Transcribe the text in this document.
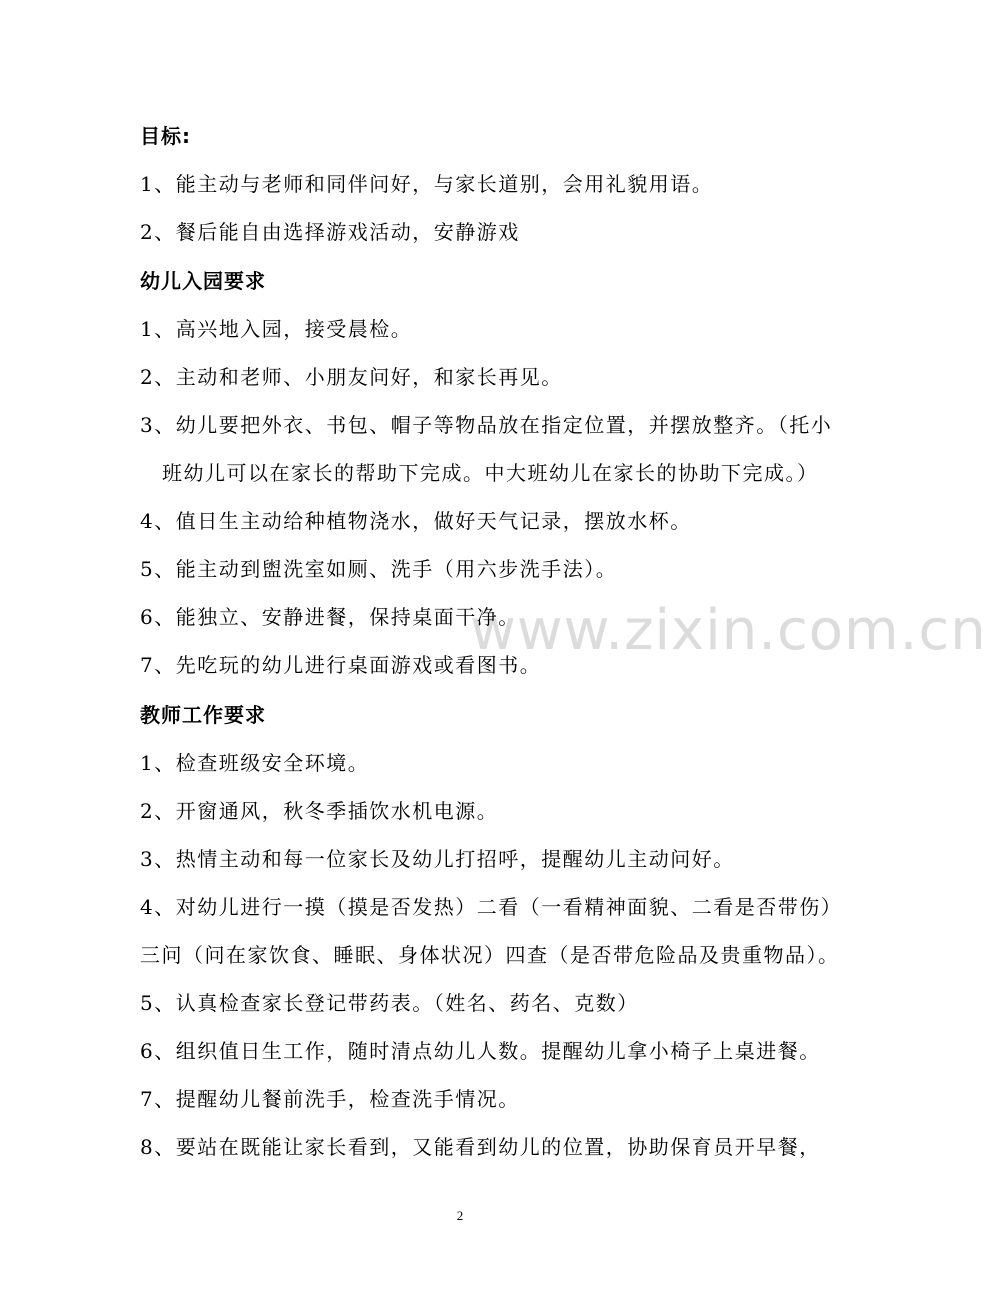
www.zixin.com.cn
目标:
1、能主动与老师和同伴问好，与家长道别，会用礼貌用语。
2、餐后能自由选择游戏活动，安静游戏
幼儿入园要求
1、高兴地入园，接受晨检。
2、主动和老师、小朋友问好，和家长再见。
3、幼儿要把外衣、书包、帽子等物品放在指定位置，并摆放整齐。（托小
班幼儿可以在家长的帮助下完成。中大班幼儿在家长的协助下完成。）
4、值日生主动给种植物浇水，做好天气记录，摆放水杯。
5、能主动到盥洗室如厕、洗手（用六步洗手法）。
6、能独立、安静进餐，保持桌面干净。
7、先吃玩的幼儿进行桌面游戏或看图书。
教师工作要求
1、检查班级安全环境。
2、开窗通风，秋冬季插饮水机电源。
3、热情主动和每一位家长及幼儿打招呼，提醒幼儿主动问好。
4、对幼儿进行一摸（摸是否发热）二看（一看精神面貌、二看是否带伤）
三问（问在家饮食、睡眠、身体状况）四查（是否带危险品及贵重物品）。
5、认真检查家长登记带药表。（姓名、药名、克数）
6、组织值日生工作，随时清点幼儿人数。提醒幼儿拿小椅子上桌进餐。
7、提醒幼儿餐前洗手，检查洗手情况。
8、要站在既能让家长看到，又能看到幼儿的位置，协助保育员开早餐，
2
